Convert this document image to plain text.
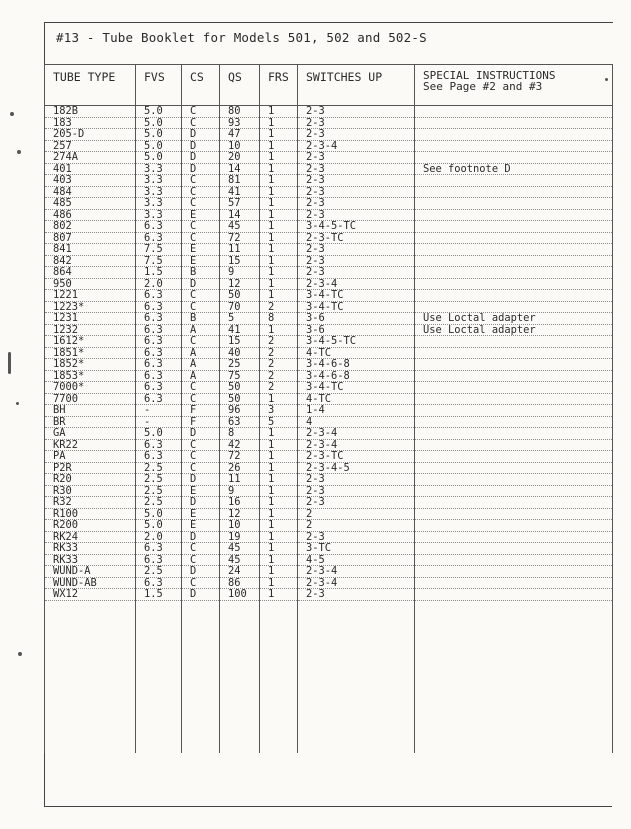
#13 - Tube Booklet for Models 501, 502 and 502-S
TUBE TYPE	FVS	CS	QS	FRS	SWITCHES UP	SPECIAL INSTRUCTIONS
See Page #2 and #3

182B	5.0	C	80	1	2-3	
183	5.0	C	93	1	2-3	
205-D	5.0	D	47	1	2-3	
257	5.0	D	10	1	2-3-4	
274A	5.0	D	20	1	2-3	
401	3.3	D	14	1	2-3	See footnote D
403	3.3	C	81	1	2-3	
484	3.3	C	41	1	2-3	
485	3.3	C	57	1	2-3	
486	3.3	E	14	1	2-3	
802	6.3	C	45	1	3-4-5-TC	
807	6.3	C	72	1	2-3-TC	
841	7.5	E	11	1	2-3	
842	7.5	E	15	1	2-3	
864	1.5	B	9	1	2-3	
950	2.0	D	12	1	2-3-4	
1221	6.3	C	50	1	3-4-TC	
1223*	6.3	C	70	2	3-4-TC	
1231	6.3	B	5	8	3-6	Use Loctal adapter
1232	6.3	A	41	1	3-6	Use Loctal adapter
1612*	6.3	C	15	2	3-4-5-TC	
1851*	6.3	A	40	2	4-TC	
1852*	6.3	A	25	2	3-4-6-8	
1853*	6.3	A	75	2	3-4-6-8	
7000*	6.3	C	50	2	3-4-TC	
7700	6.3	C	50	1	4-TC	
BH	-	F	96	3	1-4	
BR	-	F	63	5	4	
GA	5.0	D	8	1	2-3-4	
KR22	6.3	C	42	1	2-3-4	
PA	6.3	C	72	1	2-3-TC	
P2R	2.5	C	26	1	2-3-4-5	
R20	2.5	D	11	1	2-3	
R30	2.5	E	9	1	2-3	
R32	2.5	D	16	1	2-3	
R100	5.0	E	12	1	2	
R200	5.0	E	10	1	2	
RK24	2.0	D	19	1	2-3	
RK33	6.3	C	45	1	3-TC	
RK33	6.3	C	45	1	4-5	
WUND-A	2.5	D	24	1	2-3-4	
WUND-AB	6.3	C	86	1	2-3-4	
WX12	1.5	D	100	1	2-3	
